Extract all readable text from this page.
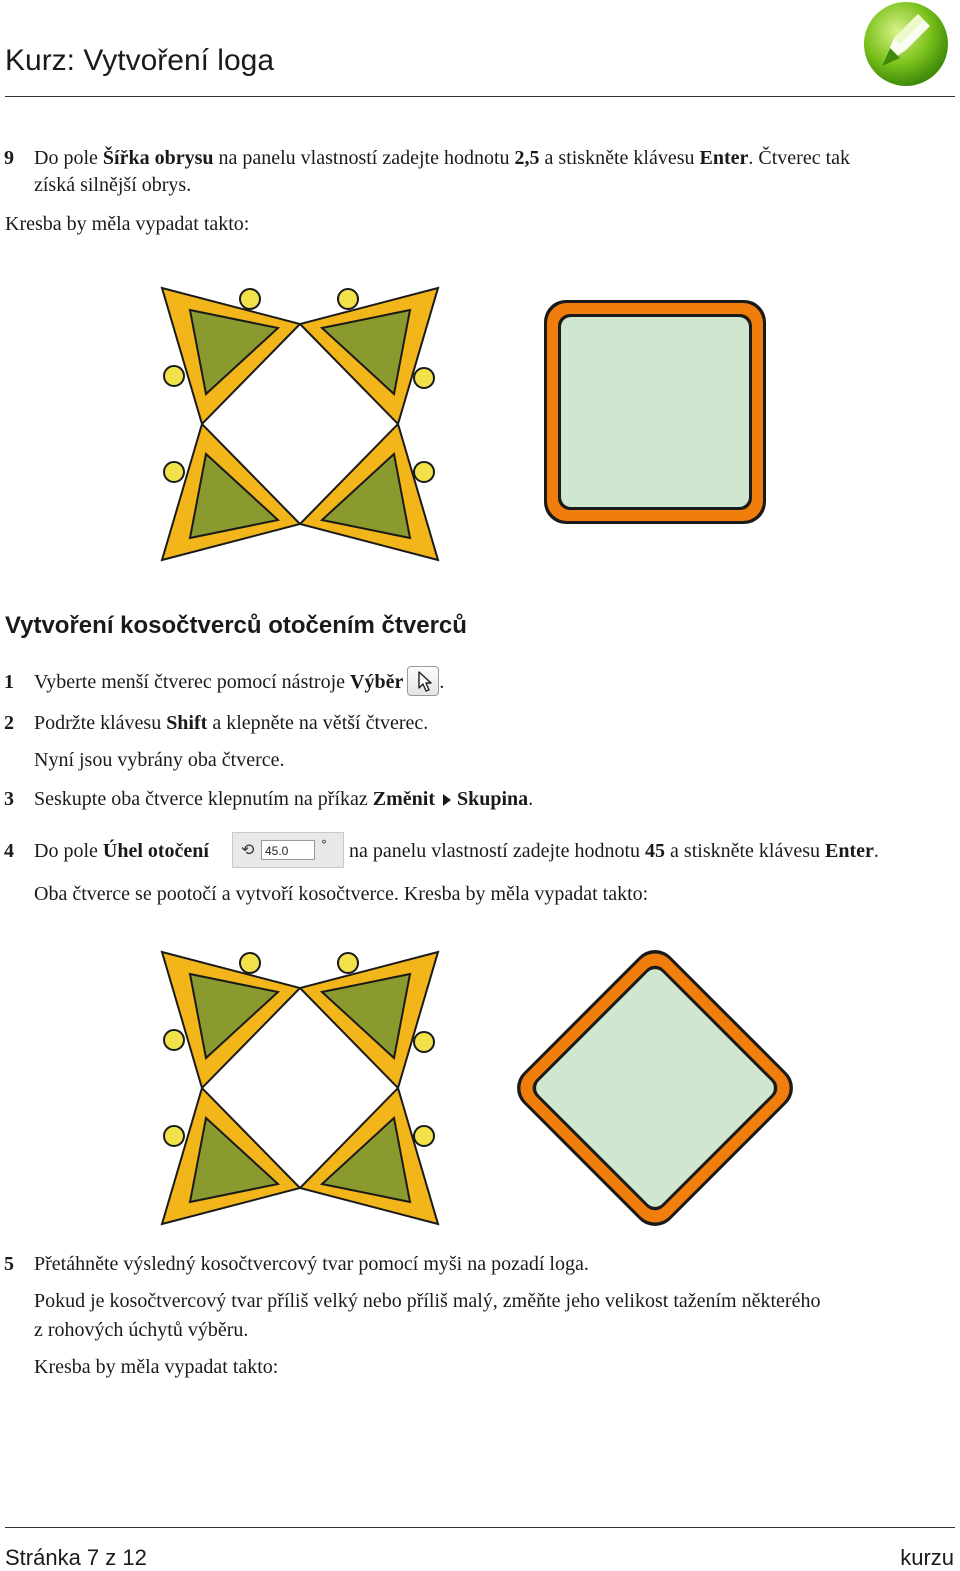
Kurz: Vytvoření loga
9 Do pole Šířka obrysu na panelu vlastností zadejte hodnotu 2,5 a stiskněte klávesu Enter. Čtverec tak
získá silnější obrys.
Kresba by měla vypadat takto:
Vytvoření kosočtverců otočením čtverců
1 Vyberte menší čtverec pomocí nástroje Výběr .
2 Podržte klávesu Shift a klepněte na větší čtverec.
Nyní jsou vybrány oba čtverce.
3 Seskupte oba čtverce klepnutím na příkaz Změnit Skupina.
4 Do pole Úhel otočení	na panelu vlastností zadejte hodnotu 45 a stiskněte klávesu Enter.
⟲ 45.0	°
Oba čtverce se pootočí a vytvoří kosočtverce. Kresba by měla vypadat takto:
5 Přetáhněte výsledný kosočtvercový tvar pomocí myši na pozadí loga.
Pokud je kosočtvercový tvar příliš velký nebo příliš malý, změňte jeho velikost tažením některého
z rohových úchytů výběru.
Kresba by měla vypadat takto:
Stránka 7 z 12	kurzu
